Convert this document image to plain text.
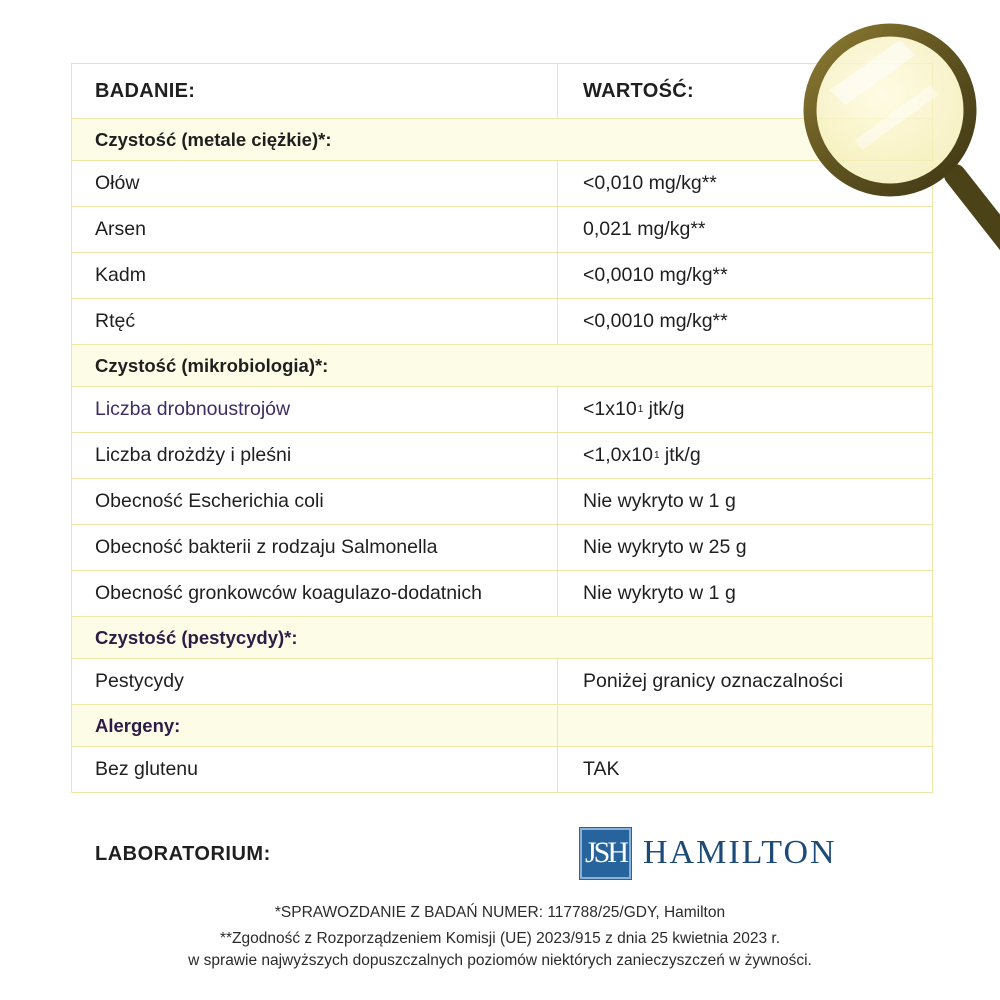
BADANIE:	WARTOŚĆ:
Czystość (metale ciężkie)*:
Ołów	<0,010 mg/kg**
Arsen	0,021 mg/kg**
Kadm	<0,0010 mg/kg**
Rtęć	<0,0010 mg/kg**
Czystość (mikrobiologia)*:
Liczba drobnoustrojów	<1x10 1 jtk/g
Liczba drożdży i pleśni	<1,0x10 1 jtk/g
Obecność Escherichia coli	Nie wykryto w 1 g
Obecność bakterii z rodzaju Salmonella	Nie wykryto w 25 g
Obecność gronkowców koagulazo-dodatnich	Nie wykryto w 1 g
Czystość (pestycydy)*:
Pestycydy	Poniżej granicy oznaczalności
Alergeny:
Bez glutenu	TAK
LABORATORIUM:	JSH HAMILTON
*SPRAWOZDANIE Z BADAŃ NUMER: 117788/25/GDY, Hamilton
**Zgodność z Rozporządzeniem Komisji (UE) 2023/915 z dnia 25 kwietnia 2023 r.
w sprawie najwyższych dopuszczalnych poziomów niektórych zanieczyszczeń w żywności.
